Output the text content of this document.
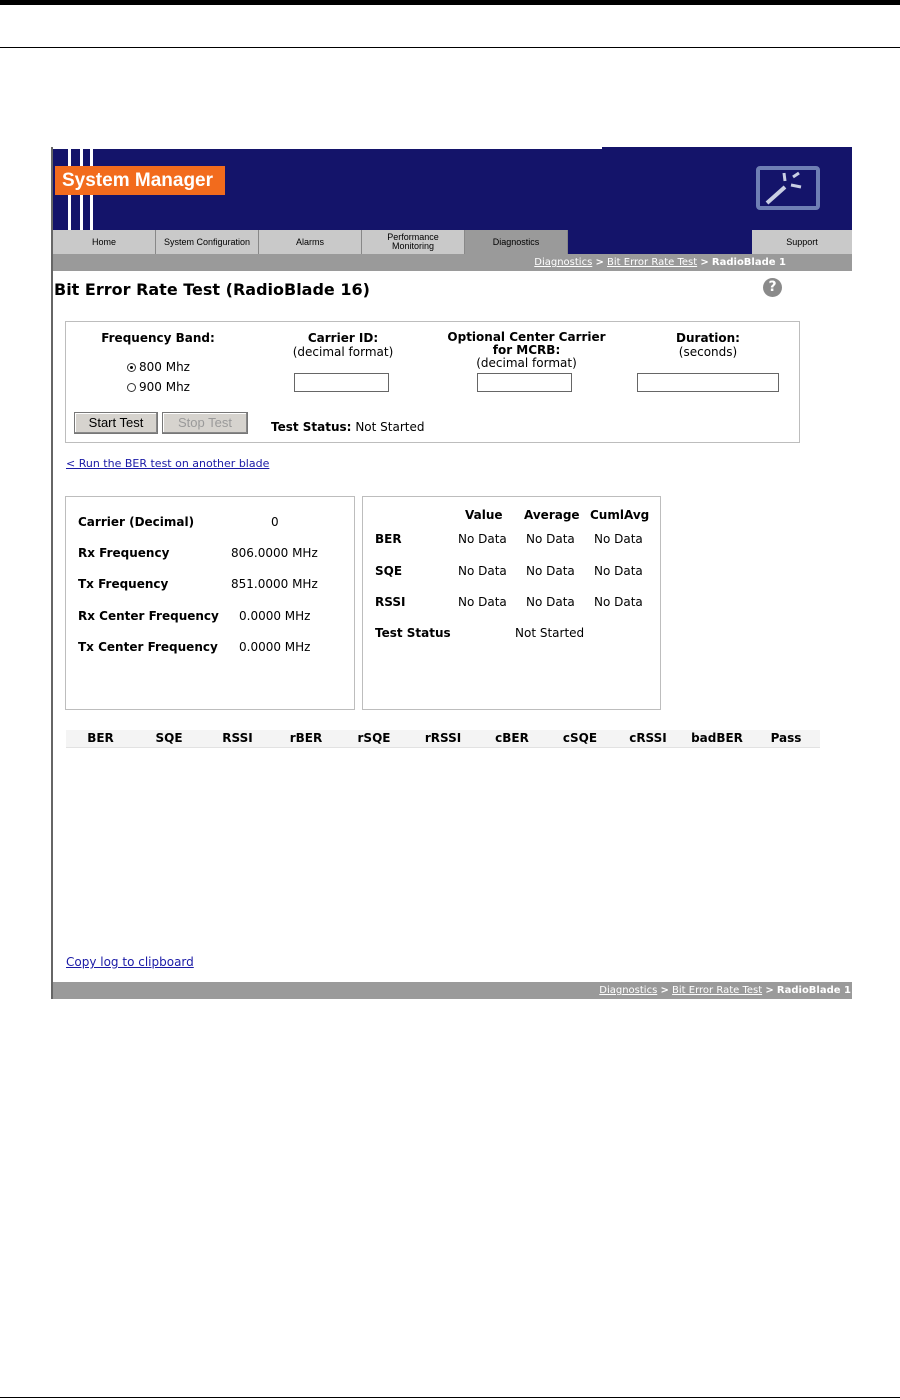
System Manager
Home	System Configuration	Alarms	Performance Monitoring	Diagnostics	Support
Diagnostics > Bit Error Rate Test > RadioBlade 1
Bit Error Rate Test (RadioBlade 16)	?
Frequency Band:
800 Mhz
900 Mhz
Carrier ID:
(decimal format)
Optional Center Carrier
for MCRB:
(decimal format)
Duration:
(seconds)
Start Test	Stop Test	Test Status: Not Started
< Run the BER test on another blade
Carrier (Decimal)	0
Rx Frequency	806.0000 MHz
Tx Frequency	851.0000 MHz
Rx Center Frequency 0.0000 MHz
Tx Center Frequency 0.0000 MHz
Value Average CumlAvg
BER	No Data No Data No Data
SQE	No Data No Data No Data
RSSI	No Data No Data No Data
Test Status	Not Started
BER	SQE	RSSI	rBER	rSQE	rRSSI	cBER	cSQE	cRSSI	badBER	Pass
Copy log to clipboard
Diagnostics > Bit Error Rate Test > RadioBlade 1
